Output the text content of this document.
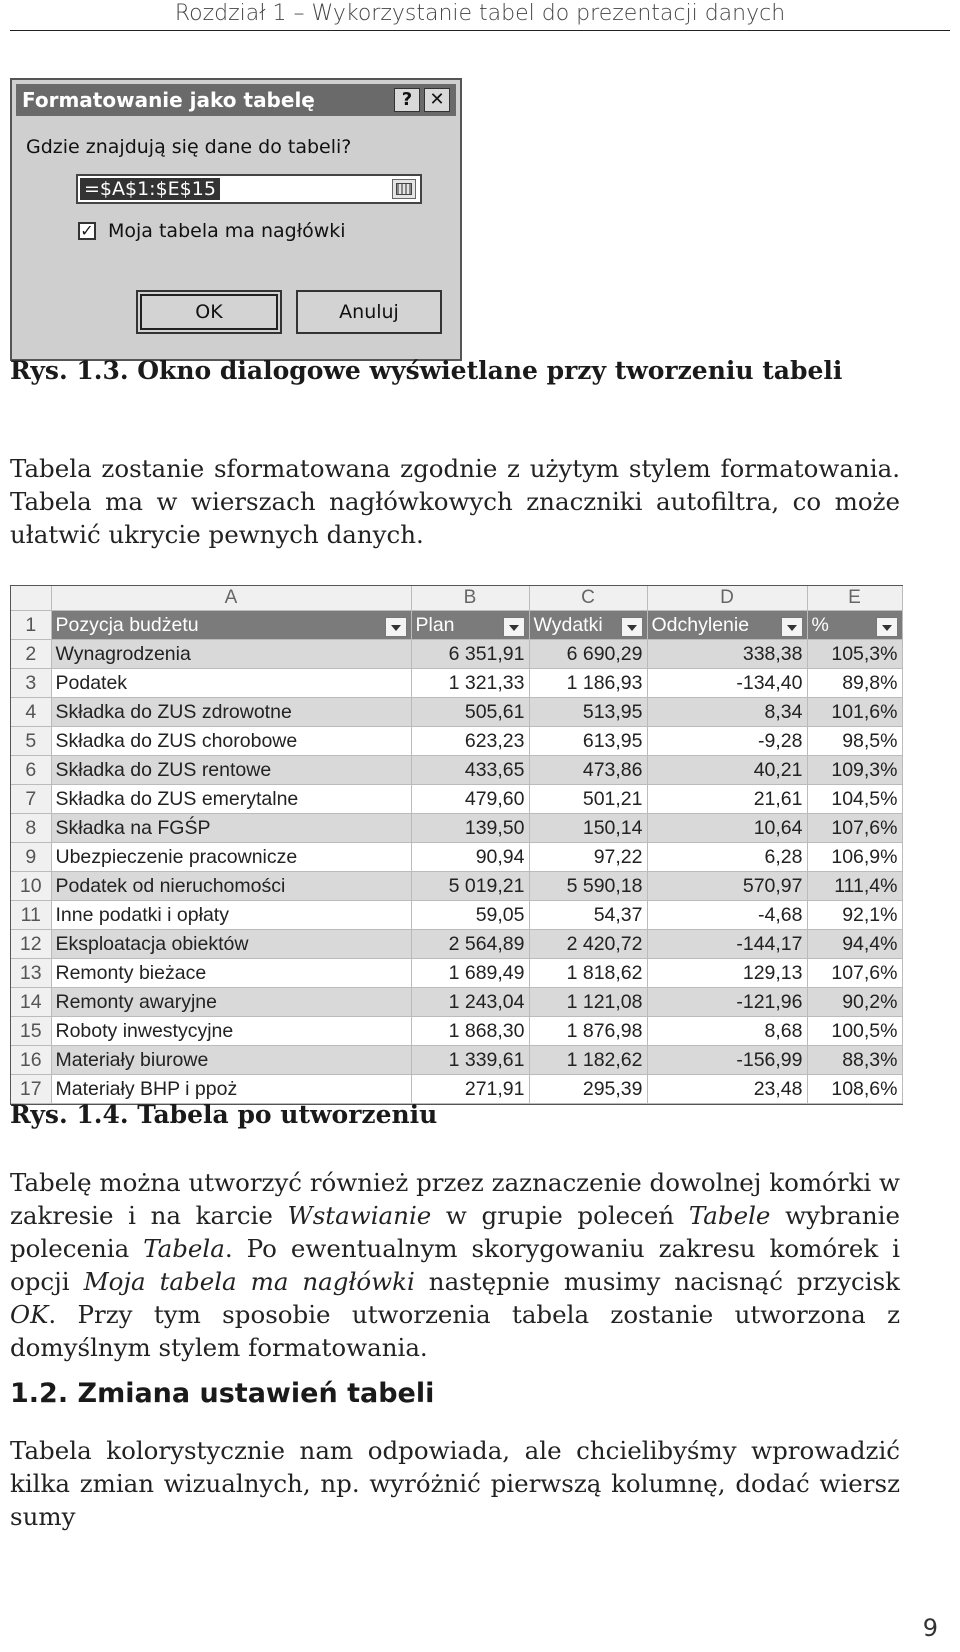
Rozdział 1 – Wykorzystanie tabel do prezentacji danych
Formatowanie jako tabelę	? ✕
Gdzie znajdują się dane do tabeli?
=$A$1:$E$15
✓ Moja tabela ma nagłówki
OK	Anuluj
Rys. 1.3. Okno dialogowe wyświetlane przy tworzeniu tabeli
Tabela zostanie sformatowana zgodnie z użytym stylem formatowania. Tabela ma w wierszach nagłówkowych znaczniki autofiltra, co może ułatwić ukrycie pewnych danych.
	A	B	C	D	E
1	Pozycja budżetu	Plan	Wydatki	Odchylenie	%

2	Wynagrodzenia	6 351,91	6 690,29	338,38	105,3%
3	Podatek	1 321,33	1 186,93	-134,40	89,8%
4	Składka do ZUS zdrowotne	505,61	513,95	8,34	101,6%
5	Składka do ZUS chorobowe	623,23	613,95	-9,28	98,5%
6	Składka do ZUS rentowe	433,65	473,86	40,21	109,3%
7	Składka do ZUS emerytalne	479,60	501,21	21,61	104,5%
8	Składka na FGŚP	139,50	150,14	10,64	107,6%
9	Ubezpieczenie pracownicze	90,94	97,22	6,28	106,9%
10	Podatek od nieruchomości	5 019,21	5 590,18	570,97	111,4%
11	Inne podatki i opłaty	59,05	54,37	-4,68	92,1%
12	Eksploatacja obiektów	2 564,89	2 420,72	-144,17	94,4%
13	Remonty bieżace	1 689,49	1 818,62	129,13	107,6%
14	Remonty awaryjne	1 243,04	1 121,08	-121,96	90,2%
15	Roboty inwestycyjne	1 868,30	1 876,98	8,68	100,5%
16	Materiały biurowe	1 339,61	1 182,62	-156,99	88,3%
17	Materiały BHP i ppoż	271,91	295,39	23,48	108,6%
Rys. 1.4. Tabela po utworzeniu
Tabelę można utworzyć również przez zaznaczenie dowolnej komórki w zakresie i na karcie Wstawianie w grupie poleceń Tabele wybranie polecenia Tabela. Po ewentualnym skorygowaniu zakresu komórek i opcji Moja tabela ma nagłówki następnie musimy nacisnąć przycisk OK. Przy tym sposobie utworzenia tabela zostanie utworzona z domyślnym stylem formatowania.
1.2. Zmiana ustawień tabeli
Tabela kolorystycznie nam odpowiada, ale chcielibyśmy wprowadzić kilka zmian wizualnych, np. wyróżnić pierwszą kolumnę, dodać wiersz sumy
9
